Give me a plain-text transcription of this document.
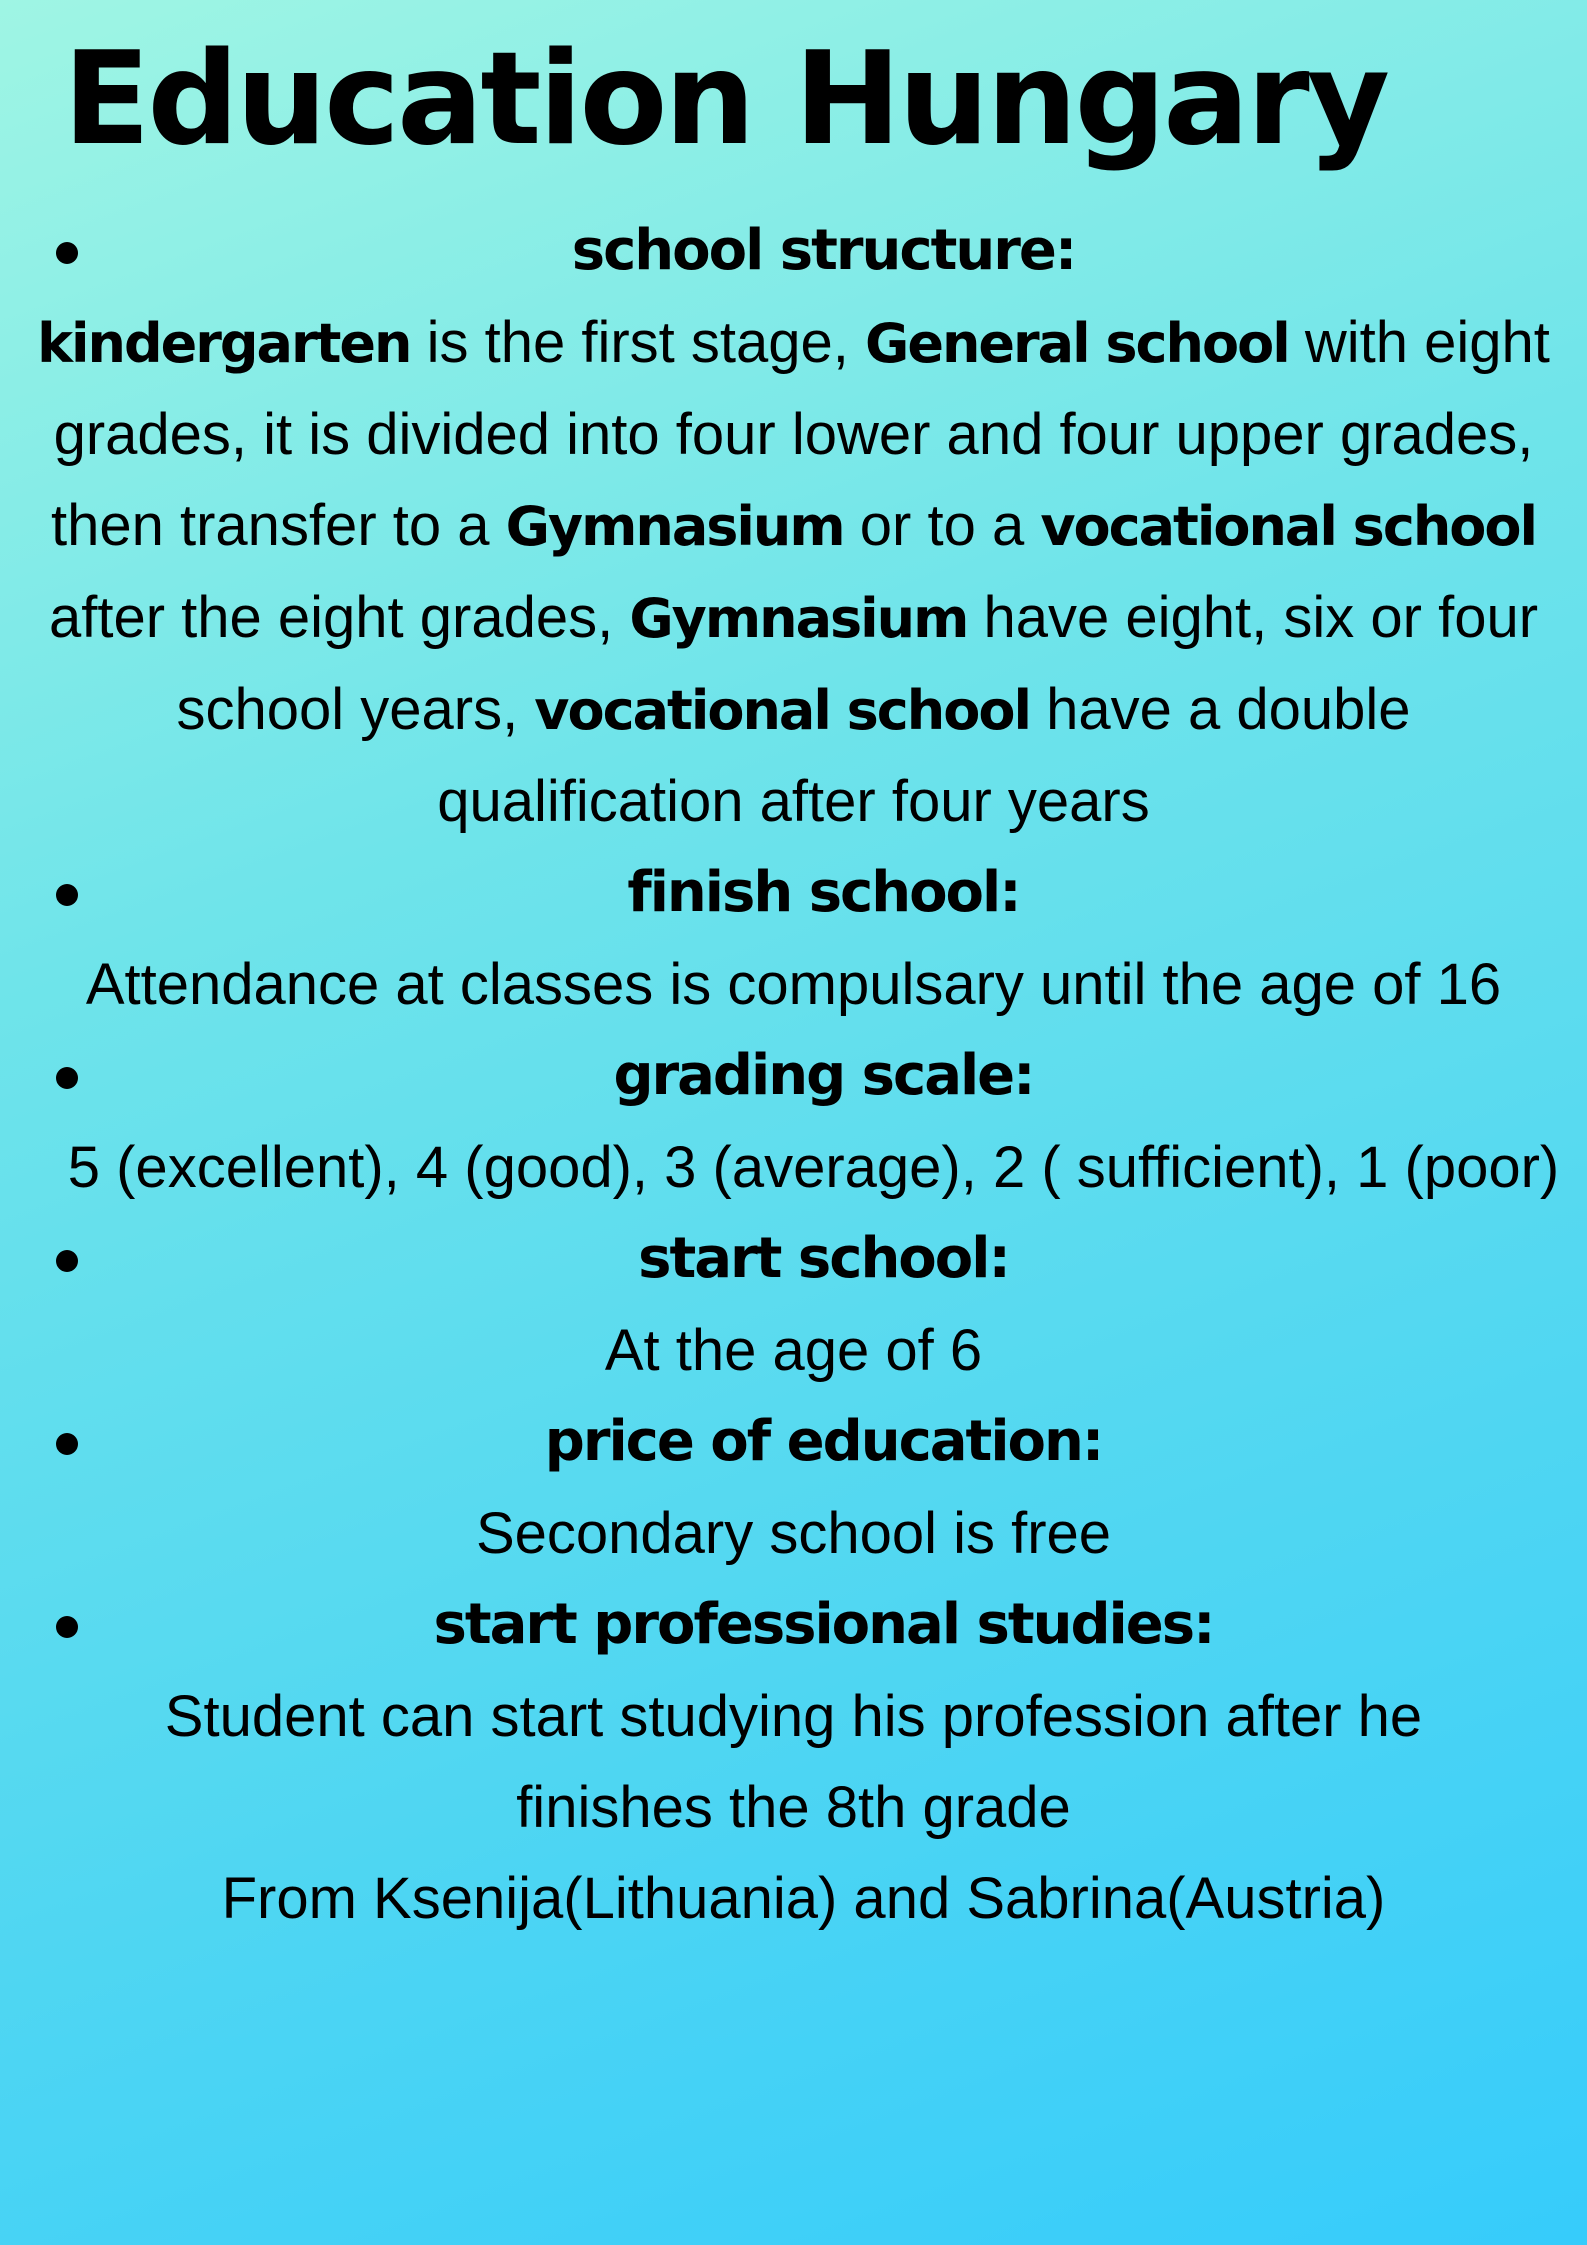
Education Hungary
school structure:
kindergarten is the first stage, General school with eight grades, it is divided into four lower and four upper grades, then transfer to a Gymnasium or to a vocational school after the eight grades, Gymnasium have eight, six or four school years, vocational school have a double qualification after four years
finish school:
Attendance at classes is compulsary until the age of 16
grading scale:
5 (excellent), 4 (good), 3 (average), 2 ( sufficient), 1 (poor)
start school:
At the age of 6
price of education:
Secondary school is free
start professional studies:
Student can start studying his profession after he finishes the 8th grade
From Ksenija(Lithuania) and Sabrina(Austria)
